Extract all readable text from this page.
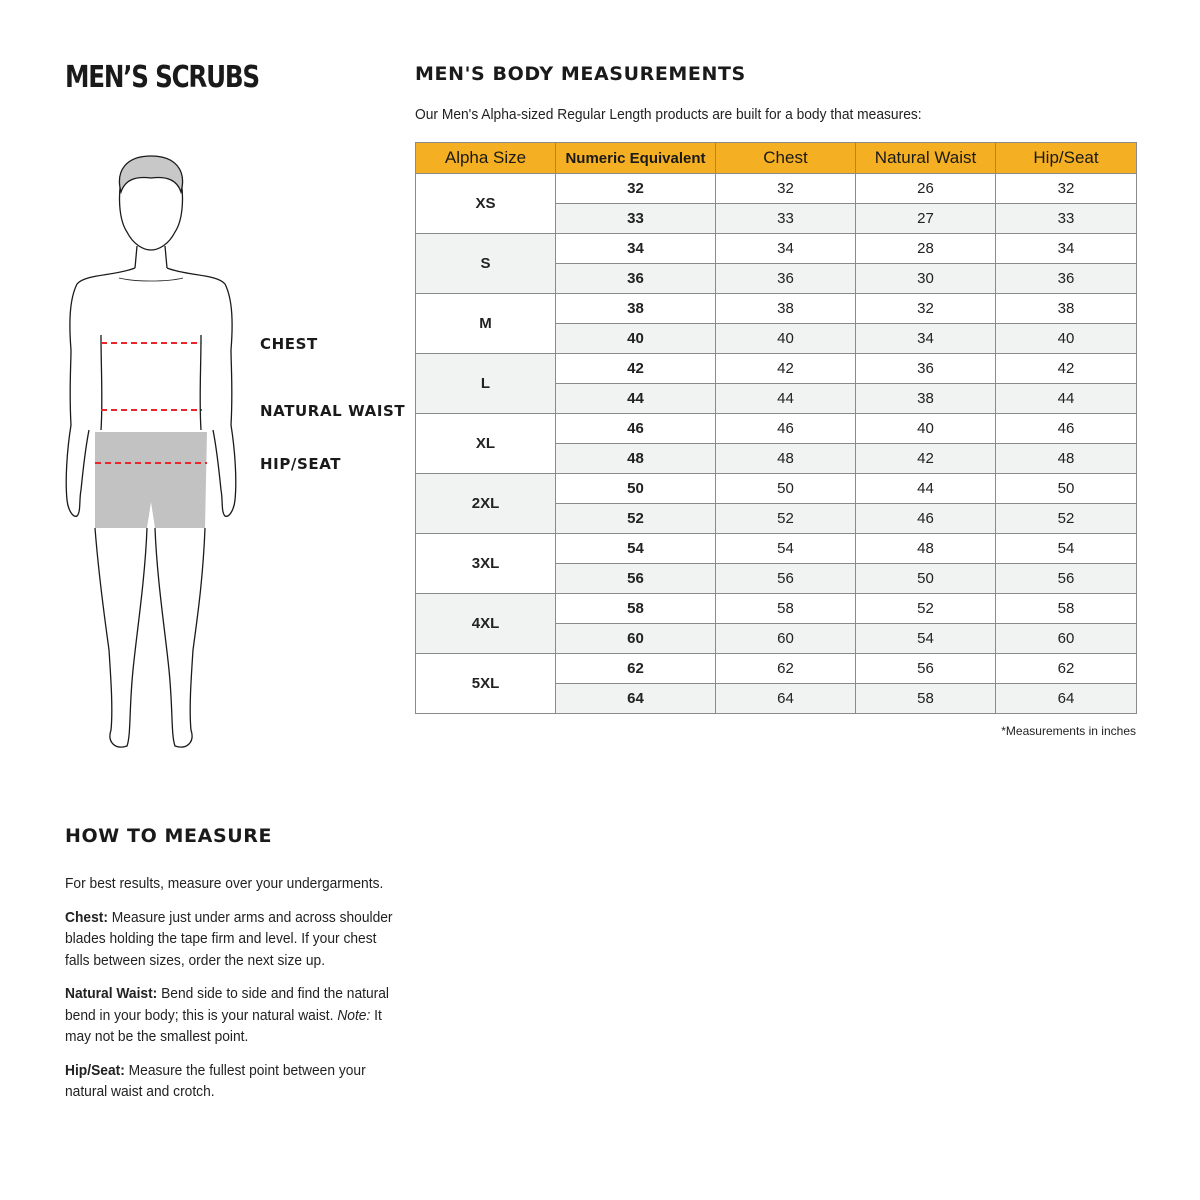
MEN’S SCRUBS
CHEST
NATURAL WAIST
HIP/SEAT
MEN'S BODY MEASUREMENTS
Our Men's Alpha-sized Regular Length products are built for a body that measures:
Alpha Size	Numeric Equivalent	Chest	Natural Waist	Hip/Seat
XS	32	32	26	32
	33	33	27	33
S	34	34	28	34
	36	36	30	36
M	38	38	32	38
	40	40	34	40
L	42	42	36	42
	44	44	38	44
XL	46	46	40	46
	48	48	42	48
2XL	50	50	44	50
	52	52	46	52
3XL	54	54	48	54
	56	56	50	56
4XL	58	58	52	58
	60	60	54	60
5XL	62	62	56	62
	64	64	58	64
*Measurements in inches
HOW TO MEASURE

For best results, measure over your undergarments.

Chest: Measure just under arms and across shoulder blades holding the tape firm and level. If your chest falls between sizes, order the next size up.

Natural Waist: Bend side to side and find the natural bend in your body; this is your natural waist. Note: It may not be the smallest point.

Hip/Seat: Measure the fullest point between your natural waist and crotch.
